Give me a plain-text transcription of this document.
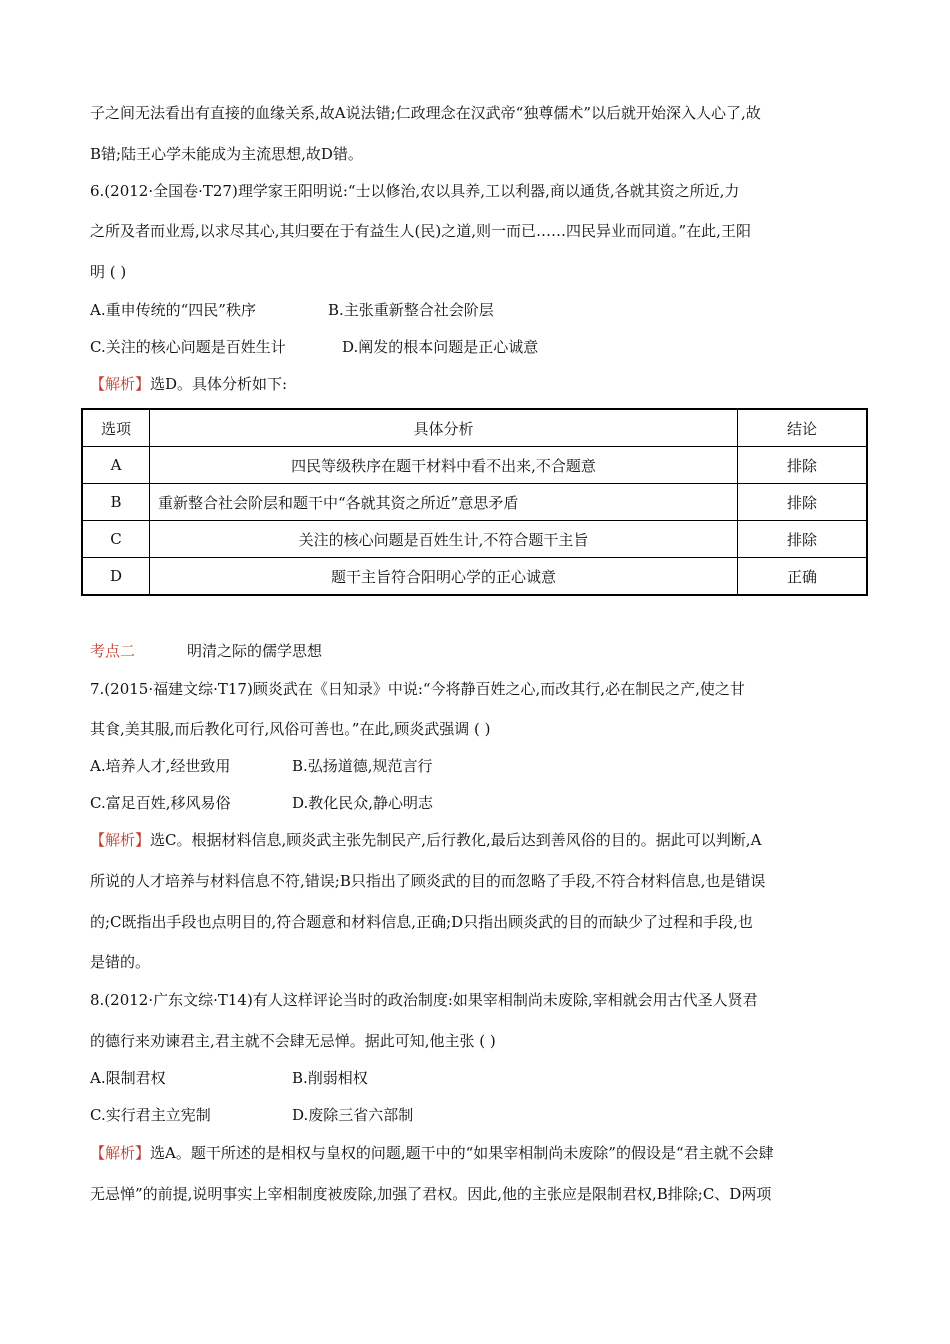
子之间无法看出有直接的血缘关系,故A说法错;仁政理念在汉武帝“独尊儒术”以后就开始深入人心了,故
B错;陆王心学未能成为主流思想,故D错。
6.(2012·全国卷·T27)理学家王阳明说:“士以修治,农以具养,工以利器,商以通货,各就其资之所近,力
之所及者而业焉,以求尽其心,其归要在于有益生人(民)之道,则一而已……四民异业而同道。”在此,王阳
明 ( )
A.重申传统的“四民”秩序	B.主张重新整合社会阶层
C.关注的核心问题是百姓生计	D.阐发的根本问题是正心诚意
【解析】选D。具体分析如下:
选项	具体分析	结论
A	四民等级秩序在题干材料中看不出来,不合题意	排除
B	重新整合社会阶层和题干中“各就其资之所近”意思矛盾	排除
C	关注的核心问题是百姓生计,不符合题干主旨	排除
D	题干主旨符合阳明心学的正心诚意	正确
考点二	明清之际的儒学思想
7.(2015·福建文综·T17)顾炎武在《日知录》中说:“今将静百姓之心,而改其行,必在制民之产,使之甘
其食,美其服,而后教化可行,风俗可善也。”在此,顾炎武强调 ( )
A.培养人才,经世致用	B.弘扬道德,规范言行
C.富足百姓,移风易俗	D.教化民众,静心明志
【解析】选C。根据材料信息,顾炎武主张先制民产,后行教化,最后达到善风俗的目的。据此可以判断,A
所说的人才培养与材料信息不符,错误;B只指出了顾炎武的目的而忽略了手段,不符合材料信息,也是错误
的;C既指出手段也点明目的,符合题意和材料信息,正确;D只指出顾炎武的目的而缺少了过程和手段,也
是错的。
8.(2012·广东文综·T14)有人这样评论当时的政治制度:如果宰相制尚未废除,宰相就会用古代圣人贤君
的德行来劝谏君主,君主就不会肆无忌惮。据此可知,他主张 ( )
A.限制君权	B.削弱相权
C.实行君主立宪制	D.废除三省六部制
【解析】选A。题干所述的是相权与皇权的问题,题干中的“如果宰相制尚未废除”的假设是“君主就不会肆
无忌惮”的前提,说明事实上宰相制度被废除,加强了君权。因此,他的主张应是限制君权,B排除;C、D两项
